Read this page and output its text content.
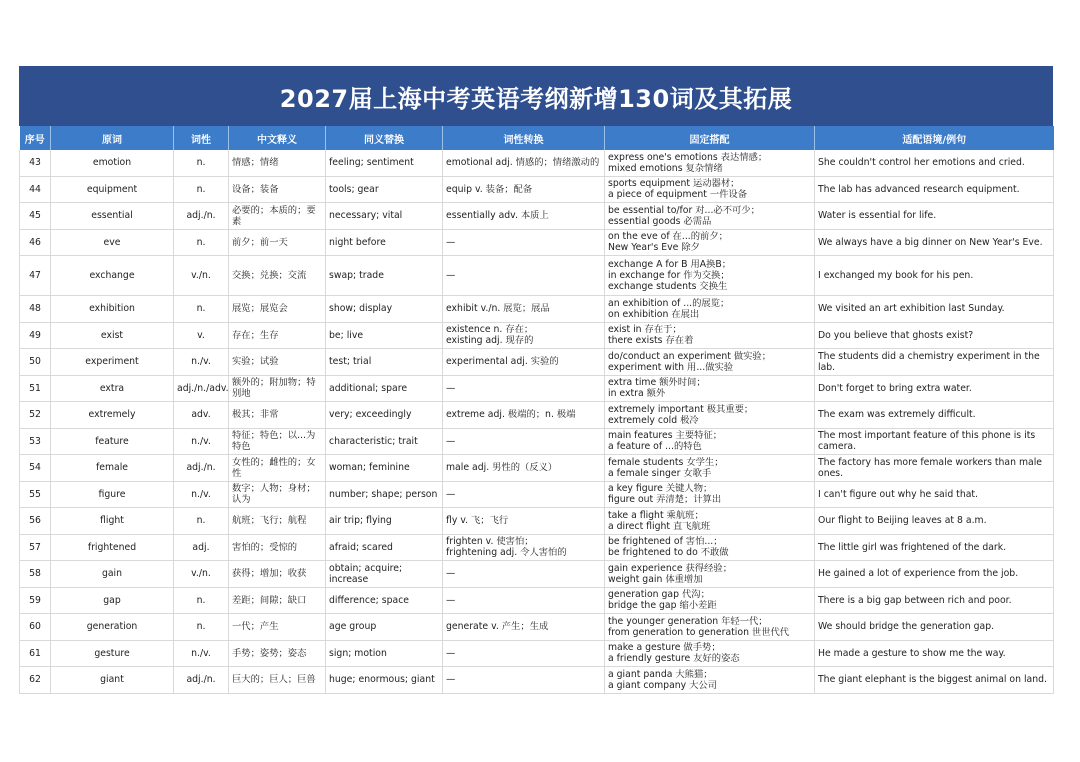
2027届上海中考英语考纲新增130词及其拓展
序号	原词	词性	中文释义	同义替换	词性转换	固定搭配	适配语境/例句
43	emotion	n.	情感；情绪	feeling; sentiment	emotional adj. 情感的；情绪激动的	express one's emotions 表达情感；
mixed emotions 复杂情绪	She couldn't control her emotions and cried.
44	equipment	n.	设备；装备	tools; gear	equip v. 装备；配备	sports equipment 运动器材；
a piece of equipment 一件设备	The lab has advanced research equipment.
45	essential	adj./n.	必要的；本质的；要素	necessary; vital	essentially adv. 本质上	be essential to/for 对...必不可少；
essential goods 必需品	Water is essential for life.
46	eve	n.	前夕；前一天	night before	—	on the eve of 在...的前夕；
New Year's Eve 除夕	We always have a big dinner on New Year's Eve.
47	exchange	v./n.	交换；兑换；交流	swap; trade	—	exchange A for B 用A换B；
in exchange for 作为交换；
exchange students 交换生	I exchanged my book for his pen.
48	exhibition	n.	展览；展览会	show; display	exhibit v./n. 展览；展品	an exhibition of ...的展览；
on exhibition 在展出	We visited an art exhibition last Sunday.
49	exist	v.	存在；生存	be; live	existence n. 存在；
existing adj. 现存的	exist in 存在于；
there exists 存在着	Do you believe that ghosts exist?
50	experiment	n./v.	实验；试验	test; trial	experimental adj. 实验的	do/conduct an experiment 做实验；
experiment with 用...做实验	The students did a chemistry experiment in the lab.
51	extra	adj./n./adv.	额外的；附加物；特别地	additional; spare	—	extra time 额外时间；
in extra 额外	Don't forget to bring extra water.
52	extremely	adv.	极其；非常	very; exceedingly	extreme adj. 极端的；n. 极端	extremely important 极其重要；
extremely cold 极冷	The exam was extremely difficult.
53	feature	n./v.	特征；特色；以...为特色	characteristic; trait	—	main features 主要特征；
a feature of ...的特色	The most important feature of this phone is its camera.
54	female	adj./n.	女性的；雌性的；女性	woman; feminine	male adj. 男性的（反义）	female students 女学生；
a female singer 女歌手	The factory has more female workers than male ones.
55	figure	n./v.	数字；人物；身材；认为	number; shape; person	—	a key figure 关键人物；
figure out 弄清楚；计算出	I can't figure out why he said that.
56	flight	n.	航班；飞行；航程	air trip; flying	fly v. 飞；飞行	take a flight 乘航班；
a direct flight 直飞航班	Our flight to Beijing leaves at 8 a.m.
57	frightened	adj.	害怕的；受惊的	afraid; scared	frighten v. 使害怕；
frightening adj. 令人害怕的	be frightened of 害怕...；
be frightened to do 不敢做	The little girl was frightened of the dark.
58	gain	v./n.	获得；增加；收获	obtain; acquire; increase	—	gain experience 获得经验；
weight gain 体重增加	He gained a lot of experience from the job.
59	gap	n.	差距；间隙；缺口	difference; space	—	generation gap 代沟；
bridge the gap 缩小差距	There is a big gap between rich and poor.
60	generation	n.	一代；产生	age group	generate v. 产生；生成	the younger generation 年轻一代；
from generation to generation 世世代代	We should bridge the generation gap.
61	gesture	n./v.	手势；姿势；姿态	sign; motion	—	make a gesture 做手势；
a friendly gesture 友好的姿态	He made a gesture to show me the way.
62	giant	adj./n.	巨大的；巨人；巨兽	huge; enormous; giant	—	a giant panda 大熊猫；
a giant company 大公司	The giant elephant is the biggest animal on land.
